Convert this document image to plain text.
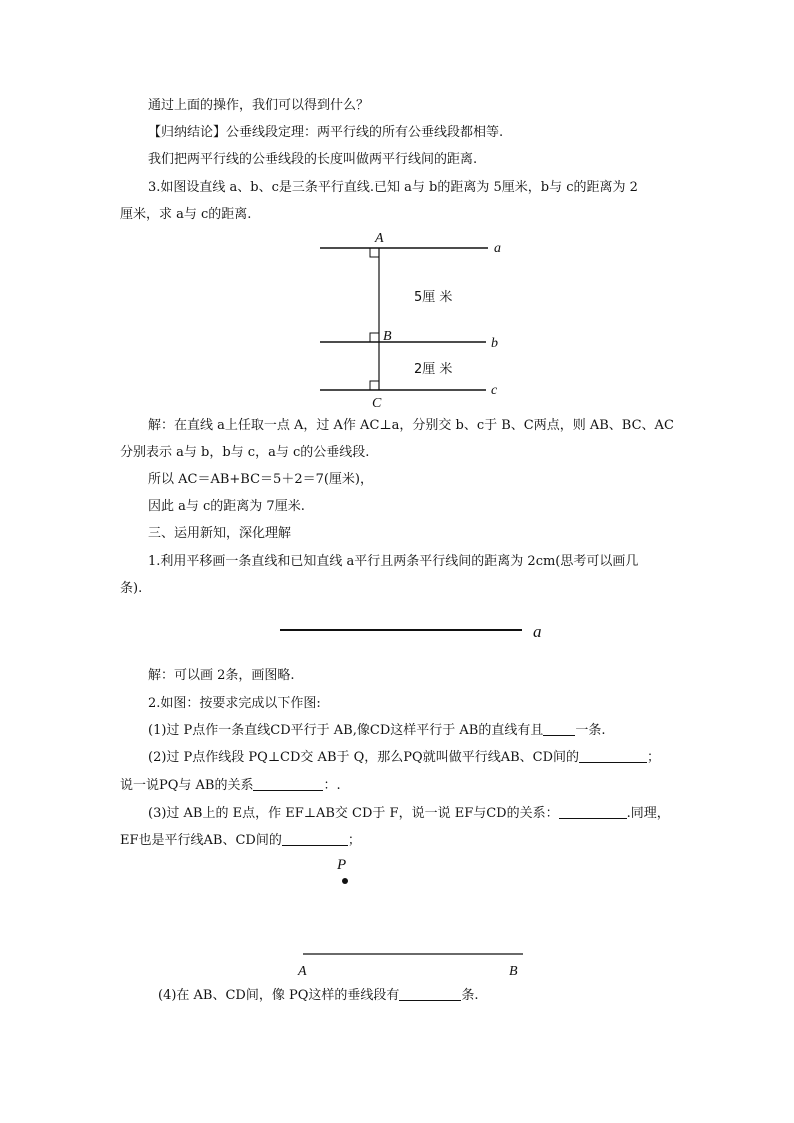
通过上面的操作，我们可以得到什么？
【归纳结论】公垂线段定理：两平行线的所有公垂线段都相等.
我们把两平行线的公垂线段的长度叫做两平行线间的距离.
3.如图设直线 a、b、c是三条平行直线.已知 a与 b的距离为 5厘米，b与 c的距离为 2
厘米，求 a与 c的距离.
A
B
C
a
b
c
5厘 米
2厘 米
a
P
A	B
解：在直线 a上任取一点 A，过 A作 AC⊥a，分别交 b、c于 B、C两点，则 AB、BC、AC
分别表示 a与 b，b与 c，a与 c的公垂线段.
所以 AC＝AB+BC＝5＋2＝7(厘米)，
因此 a与 c的距离为 7厘米.
三、运用新知，深化理解
1.利用平移画一条直线和已知直线 a平行且两条平行线间的距离为 2cm(思考可以画几
条).
解：可以画 2条，画图略.
2.如图：按要求完成以下作图:
(1)过 P点作一条直线CD平行于 AB,像CD这样平行于 AB的直线有且 一条.
(2)过 P点作线段 PQ⊥CD交 AB于 Q，那么PQ就叫做平行线AB、CD间的	；
说一说PQ与 AB的关系	：.
(3)过 AB上的 E点，作 EF⊥AB交 CD于 F，说一说 EF与CD的关系：	.同理，
EF也是平行线AB、CD间的	；
(4)在 AB、CD间，像 PQ这样的垂线段有	条.
